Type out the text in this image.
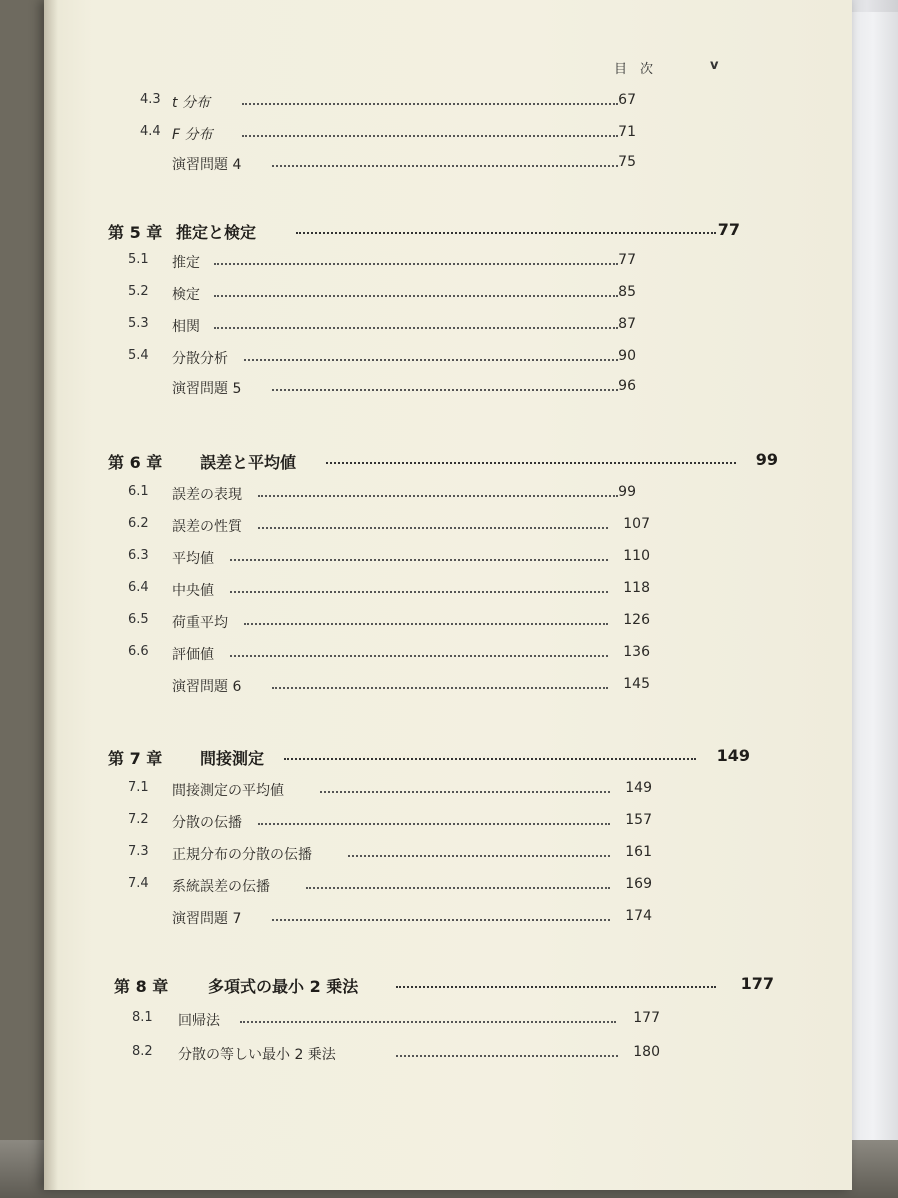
目　次	v
4.3 t 分布	67
4.4 F 分布	71
演習問題 4	75
第 5 章 推定と検定	77
5.1 推定	77
5.2 検定	85
5.3 相関	87
5.4 分散分析	90
演習問題 5	96
第 6 章 誤差と平均値	99
6.1 誤差の表現	99
6.2 誤差の性質	107
6.3 平均値	110
6.4 中央値	118
6.5 荷重平均	126
6.6 評価値	136
演習問題 6	145
第 7 章 間接測定	149
7.1 間接測定の平均値	149
7.2 分散の伝播	157
7.3 正規分布の分散の伝播	161
7.4 系統誤差の伝播	169
演習問題 7	174
第 8 章 多項式の最小 2 乗法	177
8.1 回帰法	177
8.2 分散の等しい最小 2 乗法	180
